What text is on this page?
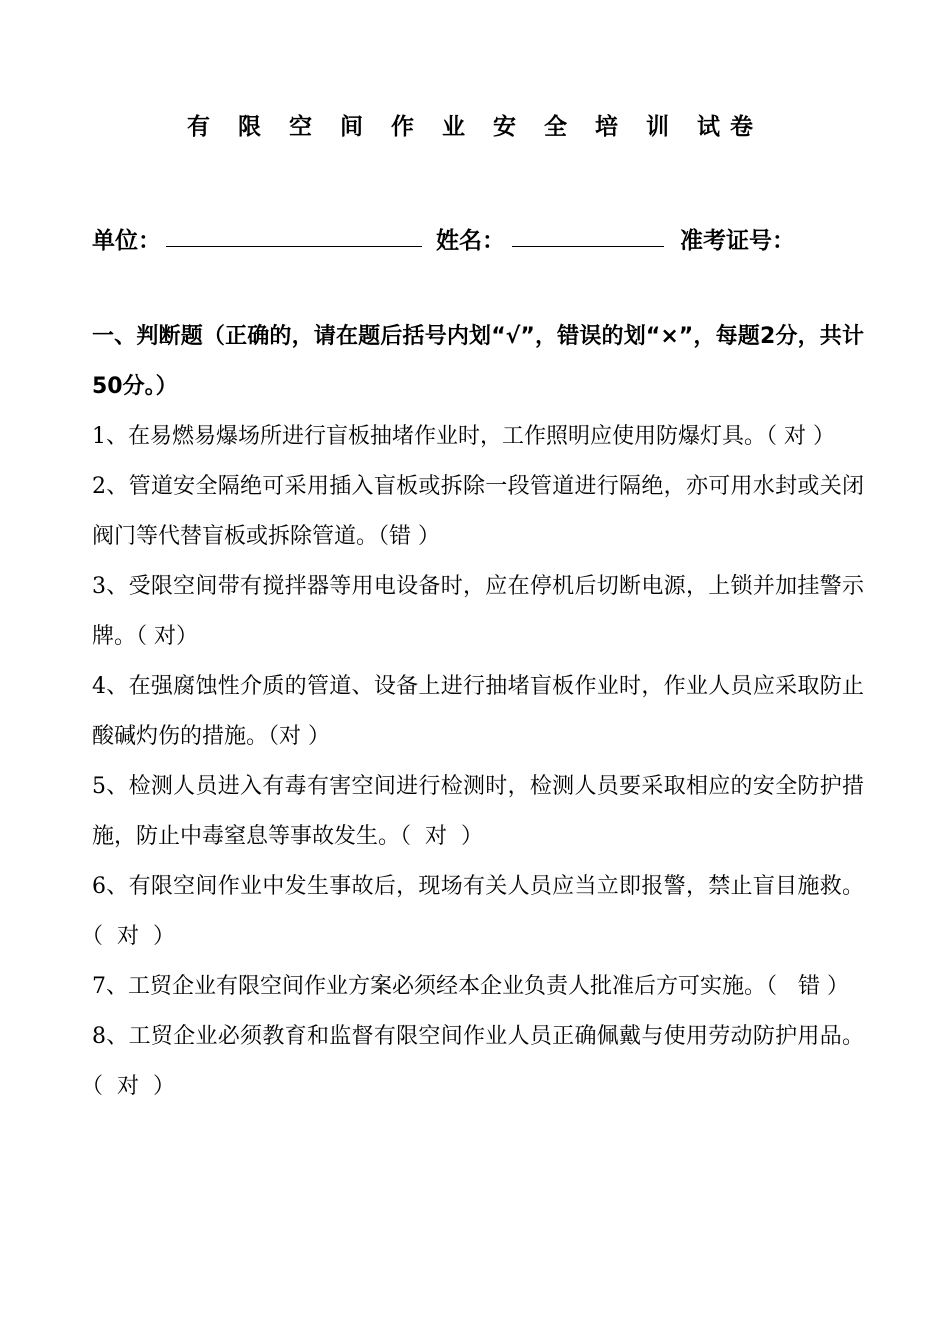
有 限 空 间 作 业 安 全 培 训 试卷
单位：	姓名：	准考证号：

一、判断题（正确的，请在题后括号内划“√”，错误的划“×”，每题2分，共计50分。）

1、在易燃易爆场所进行盲板抽堵作业时，工作照明应使用防爆灯具。（ 对 ）
2、管道安全隔绝可采用插入盲板或拆除一段管道进行隔绝，亦可用水封或关闭阀门等代替盲板或拆除管道。（错 ）
3、受限空间带有搅拌器等用电设备时，应在停机后切断电源，上锁并加挂警示牌。（ 对）
4、在强腐蚀性介质的管道、设备上进行抽堵盲板作业时，作业人员应采取防止酸碱灼伤的措施。（对 ）
5、检测人员进入有毒有害空间进行检测时，检测人员要采取相应的安全防护措施，防止中毒窒息等事故发生。（  对  ）
6、有限空间作业中发生事故后，现场有关人员应当立即报警，禁止盲目施救。（  对  ）
7、工贸企业有限空间作业方案必须经本企业负责人批准后方可实施。（   错 ）
8、工贸企业必须教育和监督有限空间作业人员正确佩戴与使用劳动防护用品。（  对  ）
